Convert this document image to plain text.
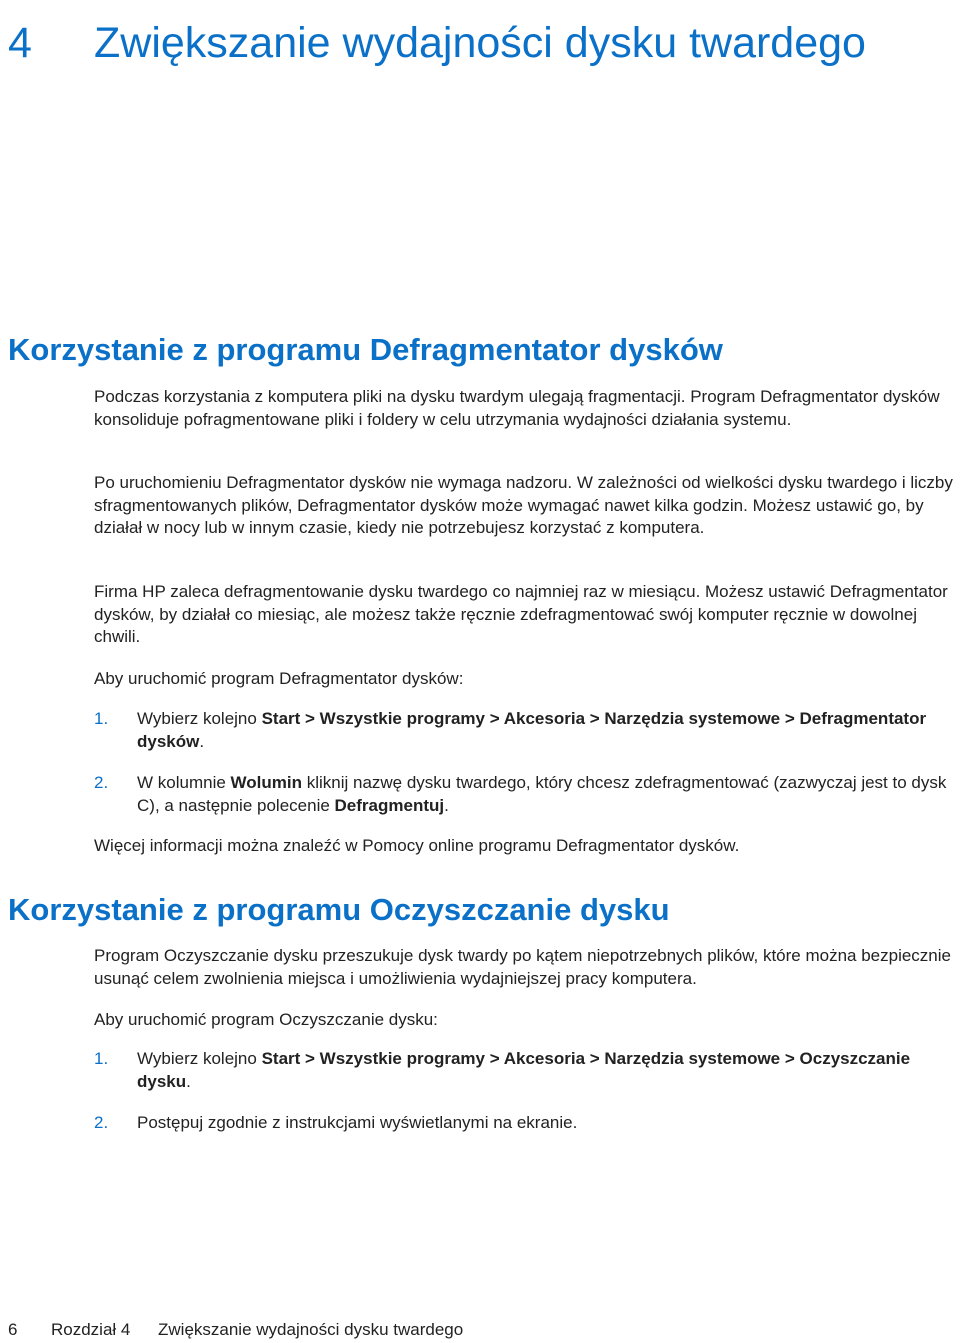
4 Zwiększanie wydajności dysku twardego
Korzystanie z programu Defragmentator dysków

Podczas korzystania z komputera pliki na dysku twardym ulegają fragmentacji. Program Defragmentator dysków konsoliduje pofragmentowane pliki i foldery w celu utrzymania wydajności działania systemu.

Po uruchomieniu Defragmentator dysków nie wymaga nadzoru. W zależności od wielkości dysku twardego i liczby sfragmentowanych plików, Defragmentator dysków może wymagać nawet kilka godzin. Możesz ustawić go, by działał w nocy lub w innym czasie, kiedy nie potrzebujesz korzystać z komputera.

Firma HP zaleca defragmentowanie dysku twardego co najmniej raz w miesiącu. Możesz ustawić Defragmentator dysków, by działał co miesiąc, ale możesz także ręcznie zdefragmentować swój komputer ręcznie w dowolnej chwili.

Aby uruchomić program Defragmentator dysków:

1. Wybierz kolejno Start > Wszystkie programy > Akcesoria > Narzędzia systemowe > Defragmentator dysków.
2. W kolumnie Wolumin kliknij nazwę dysku twardego, który chcesz zdefragmentować (zazwyczaj jest to dysk C), a następnie polecenie Defragmentuj.

Więcej informacji można znaleźć w Pomocy online programu Defragmentator dysków.

Korzystanie z programu Oczyszczanie dysku

Program Oczyszczanie dysku przeszukuje dysk twardy po kątem niepotrzebnych plików, które można bezpiecznie usunąć celem zwolnienia miejsca i umożliwienia wydajniejszej pracy komputera.

Aby uruchomić program Oczyszczanie dysku:

1. Wybierz kolejno Start > Wszystkie programy > Akcesoria > Narzędzia systemowe > Oczyszczanie dysku.
2. Postępuj zgodnie z instrukcjami wyświetlanymi na ekranie.
6 Rozdział 4 Zwiększanie wydajności dysku twardego
